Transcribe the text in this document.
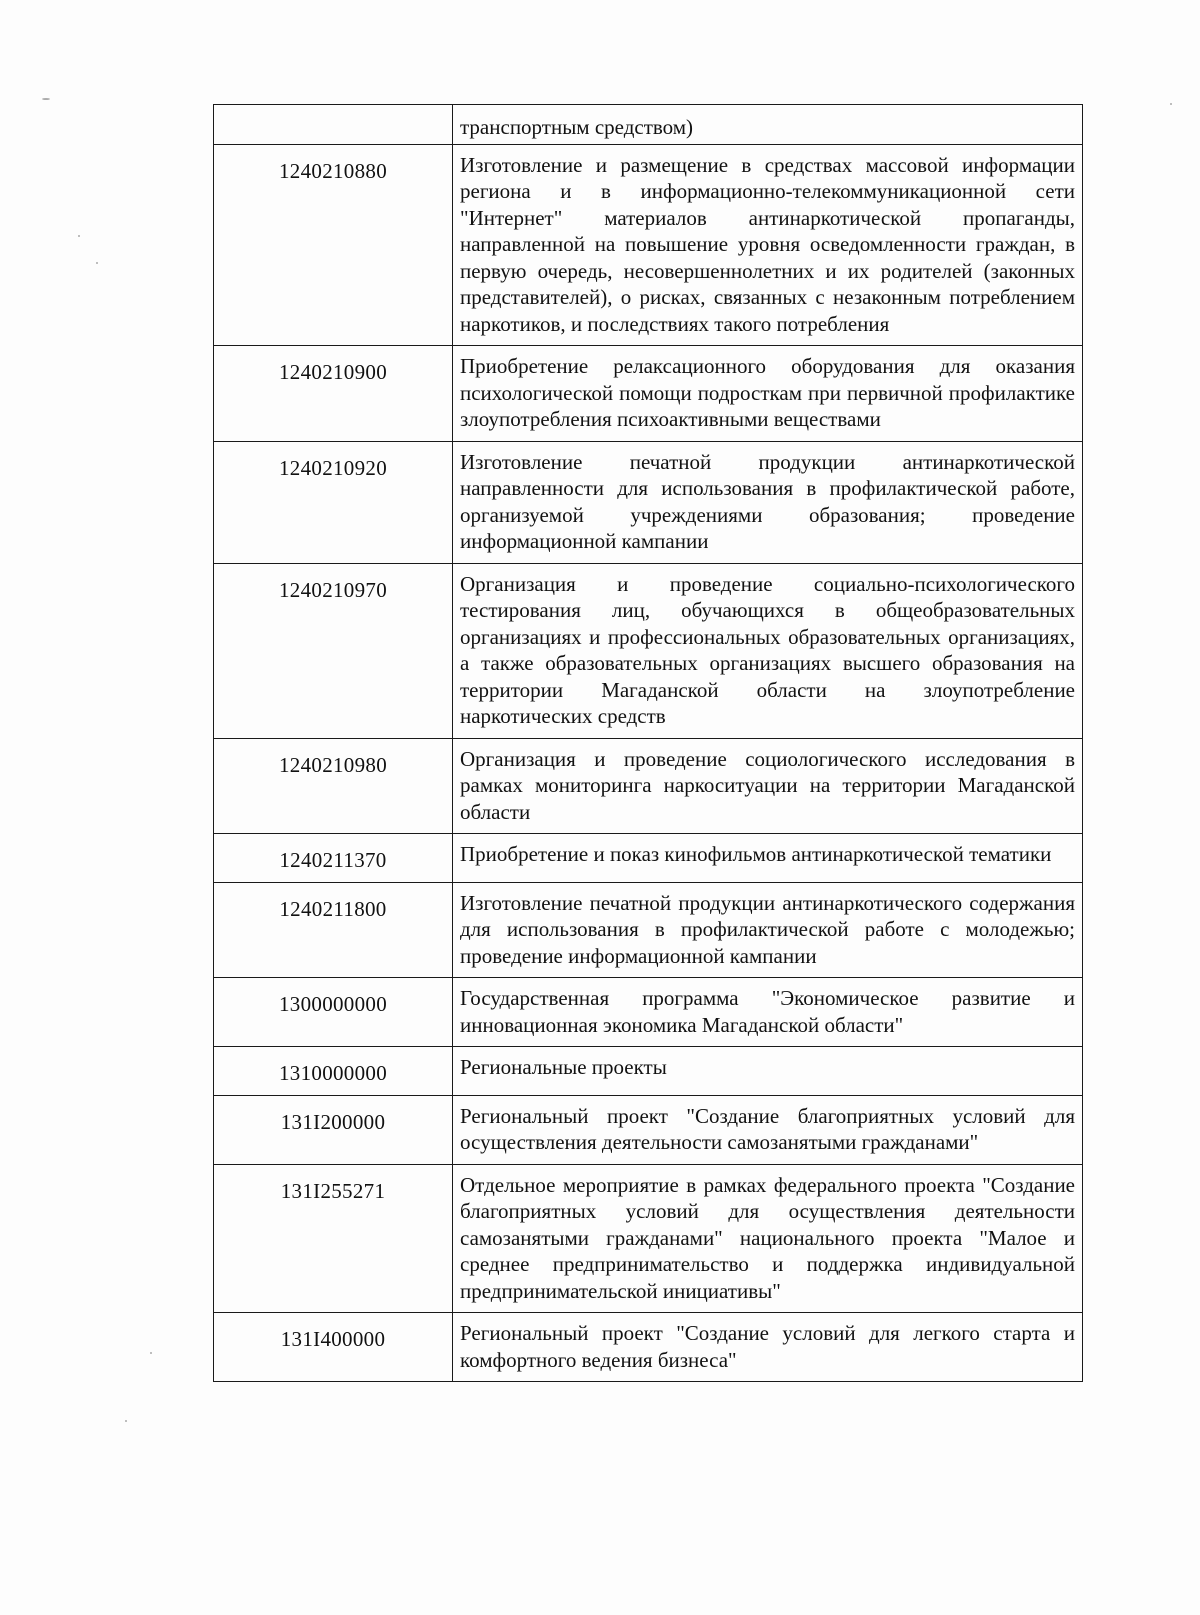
	транспортным средством)
1240210880	Изготовление и размещение в средствах массовой информации региона и в информационно-телекоммуникационной сети "Интернет" материалов антинаркотической пропаганды, направленной на повышение уровня осведомленности граждан, в первую очередь, несовершеннолетних и их родителей (законных представителей), о рисках, связанных с незаконным потреблением наркотиков, и последствиях такого потребления
1240210900	Приобретение релаксационного оборудования для оказания психологической помощи подросткам при первичной профилактике злоупотребления психоактивными веществами
1240210920	Изготовление печатной продукции антинаркотической направленности для использования в профилактической работе, организуемой учреждениями образования; проведение информационной кампании
1240210970	Организация и проведение социально-психологического тестирования лиц, обучающихся в общеобразовательных организациях и профессиональных образовательных организациях, а также образовательных организациях высшего образования на территории Магаданской области на злоупотребление наркотических средств
1240210980	Организация и проведение социологического исследования в рамках мониторинга наркоситуации на территории Магаданской области
1240211370	Приобретение и показ кинофильмов антинаркотической тематики
1240211800	Изготовление печатной продукции антинаркотического содержания для использования в профилактической работе с молодежью; проведение информационной кампании
1300000000	Государственная программа "Экономическое развитие и инновационная экономика Магаданской области"
1310000000	Региональные проекты
131I200000	Региональный проект "Создание благоприятных условий для осуществления деятельности самозанятыми гражданами"
131I255271	Отдельное мероприятие в рамках федерального проекта "Создание благоприятных условий для осуществления деятельности самозанятыми гражданами" национального проекта "Малое и среднее предпринимательство и поддержка индивидуальной предпринимательской инициативы"
131I400000	Региональный проект "Создание условий для легкого старта и комфортного ведения бизнеса"
